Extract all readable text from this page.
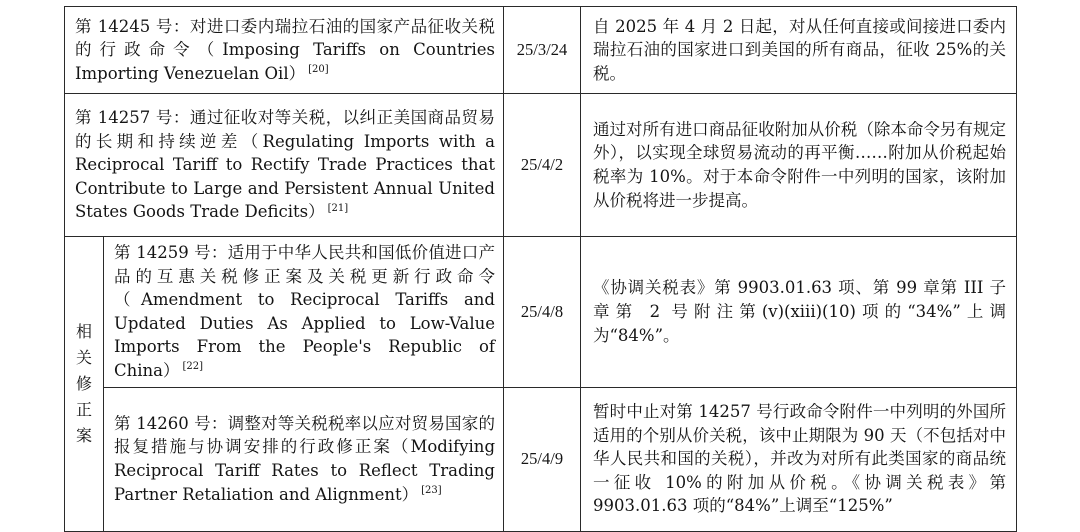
第 14245 号：对进口委内瑞拉石油的国家产品征收关税的行政命令（Imposing Tariffs on Countries Importing Venezuelan Oil） [20]		25/3/24	自 2025 年 4 月 2 日起，对从任何直接或间接进口委内瑞拉石油的国家进口到美国的所有商品，征收 25%的关税。
第 14257 号：通过征收对等关税，以纠正美国商品贸易的长期和持续逆差（Regulating Imports with a Reciprocal Tariff to Rectify Trade Practices that Contribute to Large and Persistent Annual United States Goods Trade Deficits） [21]		25/4/2	通过对所有进口商品征收附加从价税（除本命令另有规定外），以实现全球贸易流动的再平衡……附加从价税起始税率为 10%。对于本命令附件一中列明的国家，该附加从价税将进一步提高。

相
关
修
正
案	第 14259 号：适用于中华人民共和国低价值进口产品的互惠关税修正案及关税更新行政命令（Amendment to Reciprocal Tariffs and Updated Duties As Applied to Low-Value Imports From the People's Republic of China） [22]	25/4/8	《协调关税表》第 9903.01.63 项、第 99 章第 III 子章第 2 号附注第(v)(xiii)(10)项的“34%”上调为“84%”。
	第 14260 号：调整对等关税税率以应对贸易国家的报复措施与协调安排的行政修正案（Modifying Reciprocal Tariff Rates to Reflect Trading Partner Retaliation and Alignment） [23]	25/4/9	暂时中止对第 14257 号行政命令附件一中列明的外国所适用的个别从价关税，该中止期限为 90 天（不包括对中华人民共和国的关税），并改为对所有此类国家的商品统一征收 10%的附加从价税。《协调关税表》第 9903.01.63 项的“84%”上调至“125%”
